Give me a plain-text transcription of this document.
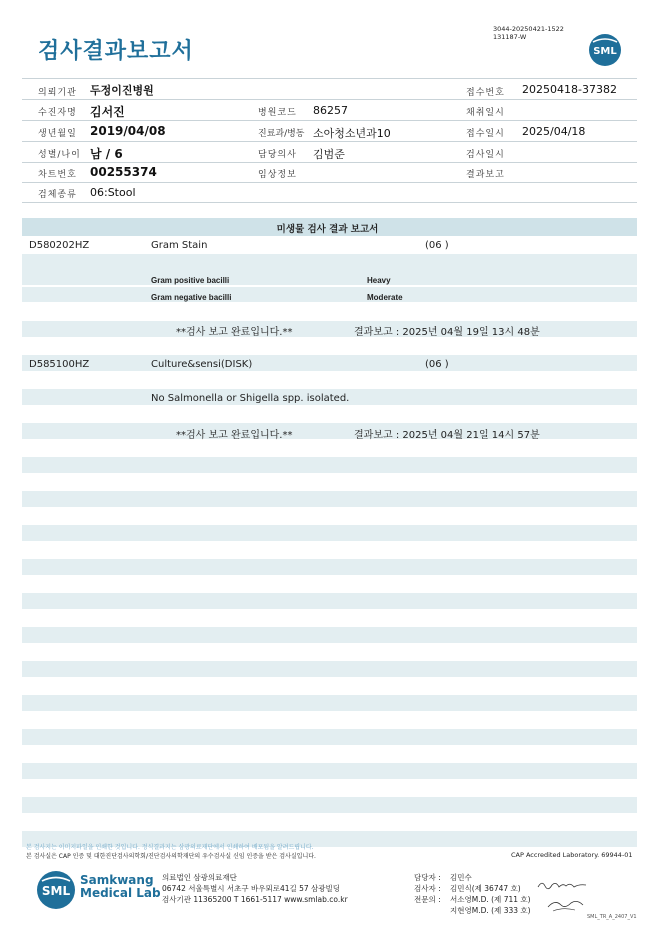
검사결과보고서
3044-20250421-1522
131187-W
SML
의뢰기관 두정이진병원	접수번호 20250418-37382
수진자명 김서진	병원코드 86257	채취일시
생년월일 2019/04/08	진료과/병동 소아청소년과10	접수일시 2025/04/18
성별/나이 남 / 6	담당의사 김범준	검사일시
차트번호 00255374	임상정보	결과보고
검체종류 06:Stool
미생물 검사 결과 보고서
D580202HZ	Gram Stain	(06 )
Gram positive bacilli	Heavy
Gram negative bacilli	Moderate
**검사 보고 완료입니다.**	결과보고 : 2025년 04월 19일 13시 48분
D585100HZ	Culture&sensi(DISK)	(06 )
No Salmonella or Shigella spp. isolated.
**검사 보고 완료입니다.**	결과보고 : 2025년 04월 21일 14시 57분
본 검사지는 이미지파일을 인쇄한 것입니다. 정식결과지는 삼광의료재단에서 인쇄하여 배포됨을 알려드립니다.
본 검사실은 CAP 인증 및 대한진단검사의학회/진단검사의학재단의 우수검사실 신임 인증을 받은 검사실입니다.	CAP Accredited Laboratory. 69944-01
SML
Samkwang
Medical Lab
의료법인 삼광의료재단
06742 서울특별시 서초구 바우뫼로41길 57 삼광빌딩
검사기관 11365200 T 1661-5117 www.smlab.co.kr
담당자 : 김민수
검사자 : 김민식(제 36747 호)
전문의 : 서소영M.D. (제 711 호)
지현영M.D. (제 333 호)
SML_TR_A_2407_V1
